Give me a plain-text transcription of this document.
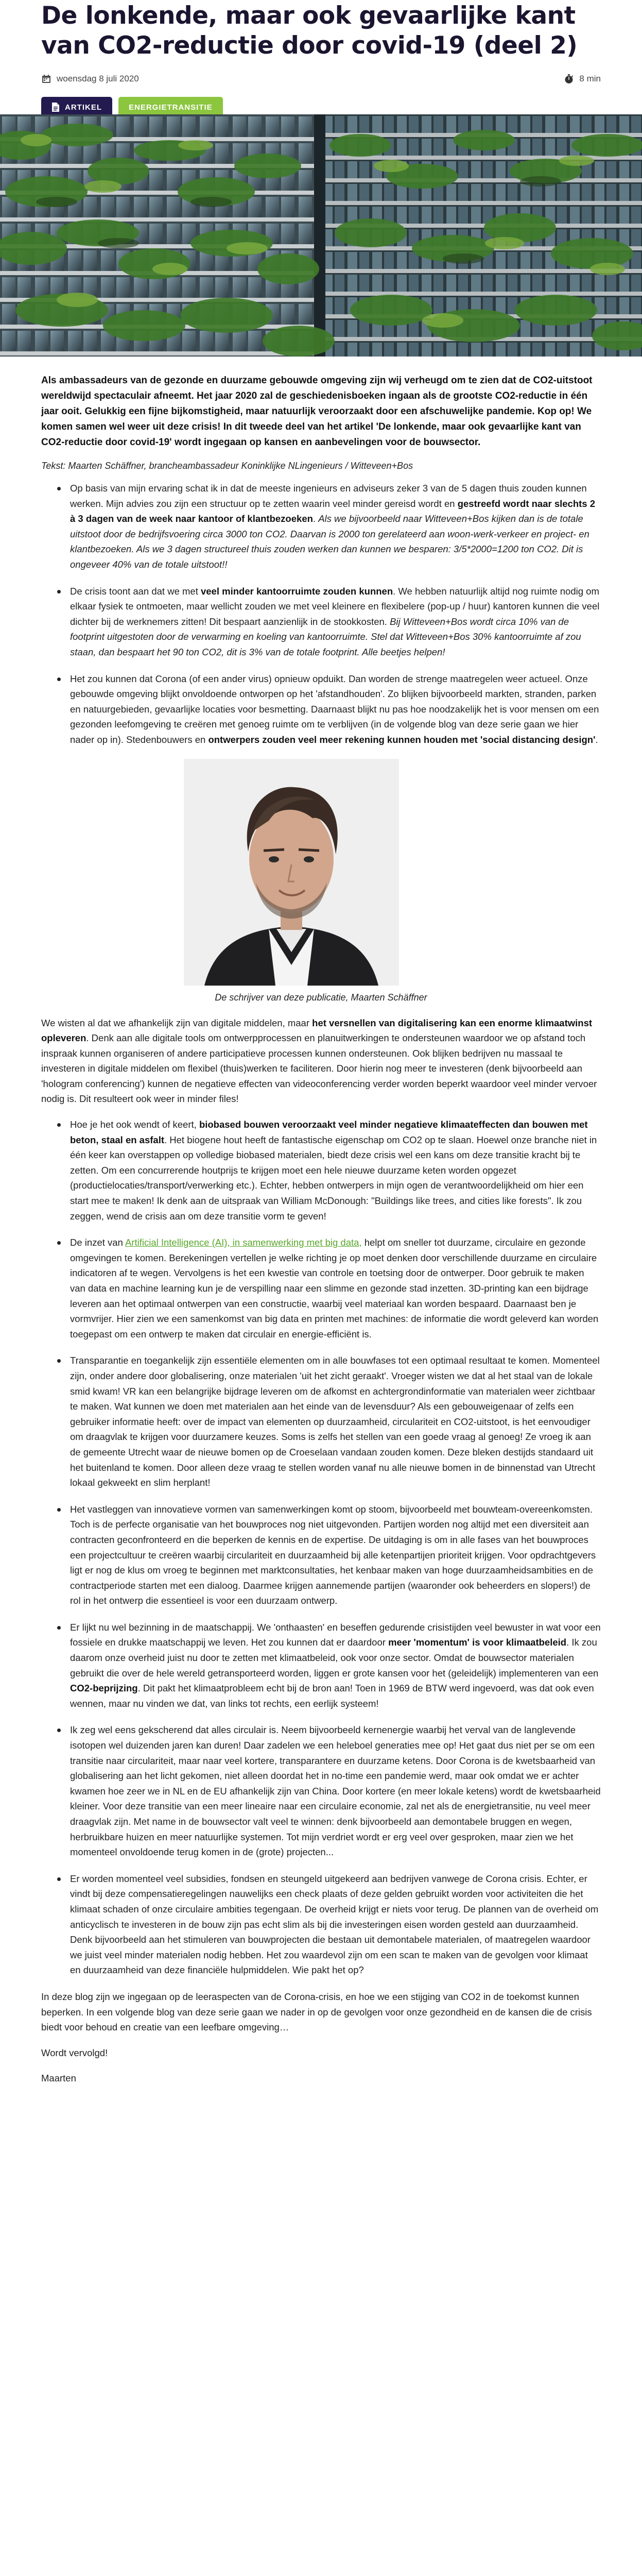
De lonkende, maar ook gevaarlijke kant van CO2-reductie door covid-19 (deel 2)
woensdag 8 juli 2020	8 min
ARTIKEL	ENERGIETRANSITIE

Als ambassadeurs van de gezonde en duurzame gebouwde omgeving zijn wij verheugd om te zien dat de CO2-uitstoot wereldwijd spectaculair afneemt. Het jaar 2020 zal de geschiedenisboeken ingaan als de grootste CO2-reductie in één jaar ooit. Gelukkig een fijne bijkomstigheid, maar natuurlijk veroorzaakt door een afschuwelijke pandemie. Kop op! We komen samen wel weer uit deze crisis! In dit tweede deel van het artikel 'De lonkende, maar ook gevaarlijke kant van CO2-reductie door covid-19' wordt ingegaan op kansen en aanbevelingen voor de bouwsector.

Tekst: Maarten Schäffner, brancheambassadeur Koninklijke NLingenieurs / Witteveen+Bos

Op basis van mijn ervaring schat ik in dat de meeste ingenieurs en adviseurs zeker 3 van de 5 dagen thuis zouden kunnen werken. Mijn advies zou zijn een structuur op te zetten waarin veel minder gereisd wordt en gestreefd wordt naar slechts 2 à 3 dagen van de week naar kantoor of klantbezoeken. Als we bijvoorbeeld naar Witteveen+Bos kijken dan is de totale uitstoot door de bedrijfsvoering circa 3000 ton CO2. Daarvan is 2000 ton gerelateerd aan woon-werk-verkeer en project- en klantbezoeken. Als we 3 dagen structureel thuis zouden werken dan kunnen we besparen: 3/5*2000=1200 ton CO2. Dit is ongeveer 40% van de totale uitstoot!!
De crisis toont aan dat we met veel minder kantoorruimte zouden kunnen. We hebben natuurlijk altijd nog ruimte nodig om elkaar fysiek te ontmoeten, maar wellicht zouden we met veel kleinere en flexibelere (pop-up / huur) kantoren kunnen die veel dichter bij de werknemers zitten! Dit bespaart aanzienlijk in de stookkosten. Bij Witteveen+Bos wordt circa 10% van de footprint uitgestoten door de verwarming en koeling van kantoorruimte. Stel dat Witteveen+Bos 30% kantoorruimte af zou staan, dan bespaart het 90 ton CO2, dit is 3% van de totale footprint. Alle beetjes helpen!
Het zou kunnen dat Corona (of een ander virus) opnieuw opduikt. Dan worden de strenge maatregelen weer actueel. Onze gebouwde omgeving blijkt onvoldoende ontworpen op het 'afstandhouden'. Zo blijken bijvoorbeeld markten, stranden, parken en natuurgebieden, gevaarlijke locaties voor besmetting. Daarnaast blijkt nu pas hoe noodzakelijk het is voor mensen om een gezonden leefomgeving te creëren met genoeg ruimte om te verblijven (in de volgende blog van deze serie gaan we hier nader op in). Stedenbouwers en ontwerpers zouden veel meer rekening kunnen houden met 'social distancing design'.

De schrijver van deze publicatie, Maarten Schäffner

We wisten al dat we afhankelijk zijn van digitale middelen, maar het versnellen van digitalisering kan een enorme klimaatwinst opleveren. Denk aan alle digitale tools om ontwerpprocessen en planuitwerkingen te ondersteunen waardoor we op afstand toch inspraak kunnen organiseren of andere participatieve processen kunnen ondersteunen. Ook blijken bedrijven nu massaal te investeren in digitale middelen om flexibel (thuis)werken te faciliteren. Door hierin nog meer te investeren (denk bijvoorbeeld aan 'hologram conferencing') kunnen de negatieve effecten van videoconferencing verder worden beperkt waardoor veel minder vervoer nodig is. Dit resulteert ook weer in minder files!

Hoe je het ook wendt of keert, biobased bouwen veroorzaakt veel minder negatieve klimaateffecten dan bouwen met beton, staal en asfalt. Het biogene hout heeft de fantastische eigenschap om CO2 op te slaan. Hoewel onze branche niet in één keer kan overstappen op volledige biobased materialen, biedt deze crisis wel een kans om deze transitie kracht bij te zetten. Om een concurrerende houtprijs te krijgen moet een hele nieuwe duurzame keten worden opgezet (productielocaties/transport/verwerking etc.). Echter, hebben ontwerpers in mijn ogen de verantwoordelijkheid om hier een start mee te maken! Ik denk aan de uitspraak van William McDonough: "Buildings like trees, and cities like forests". Ik zou zeggen, wend de crisis aan om deze transitie vorm te geven!
De inzet van Artificial Intelligence (AI), in samenwerking met big data, helpt om sneller tot duurzame, circulaire en gezonde omgevingen te komen. Berekeningen vertellen je welke richting je op moet denken door verschillende duurzame en circulaire indicatoren af te wegen. Vervolgens is het een kwestie van controle en toetsing door de ontwerper. Door gebruik te maken van data en machine learning kun je de verspilling naar een slimme en gezonde stad inzetten. 3D-printing kan een bijdrage leveren aan het optimaal ontwerpen van een constructie, waarbij veel materiaal kan worden bespaard. Daarnaast ben je vormvrijer. Hier zien we een samenkomst van big data en printen met machines: de informatie die wordt geleverd kan worden toegepast om een ontwerp te maken dat circulair en energie-efficiënt is.
Transparantie en toegankelijk zijn essentiële elementen om in alle bouwfases tot een optimaal resultaat te komen. Momenteel zijn, onder andere door globalisering, onze materialen 'uit het zicht geraakt'. Vroeger wisten we dat al het staal van de lokale smid kwam! VR kan een belangrijke bijdrage leveren om de afkomst en achtergrondinformatie van materialen weer zichtbaar te maken. Wat kunnen we doen met materialen aan het einde van de levensduur? Als een gebouweigenaar of zelfs een gebruiker informatie heeft: over de impact van elementen op duurzaamheid, circulariteit en CO2-uitstoot, is het eenvoudiger om draagvlak te krijgen voor duurzamere keuzes. Soms is zelfs het stellen van een goede vraag al genoeg! Ze vroeg ik aan de gemeente Utrecht waar de nieuwe bomen op de Croeselaan vandaan zouden komen. Deze bleken destijds standaard uit het buitenland te komen. Door alleen deze vraag te stellen worden vanaf nu alle nieuwe bomen in de binnenstad van Utrecht lokaal gekweekt en slim herplant!
Het vastleggen van innovatieve vormen van samenwerkingen komt op stoom, bijvoorbeeld met bouwteam-overeenkomsten. Toch is de perfecte organisatie van het bouwproces nog niet uitgevonden. Partijen worden nog altijd met een diversiteit aan contracten geconfronteerd en die beperken de kennis en de expertise. De uitdaging is om in alle fases van het bouwproces een projectcultuur te creëren waarbij circulariteit en duurzaamheid bij alle ketenpartijen prioriteit krijgen. Voor opdrachtgevers ligt er nog de klus om vroeg te beginnen met marktconsultaties, het kenbaar maken van hoge duurzaamheidsambities en de contractperiode starten met een dialoog. Daarmee krijgen aannemende partijen (waaronder ook beheerders en slopers!) de rol in het ontwerp die essentieel is voor een duurzaam ontwerp.
Er lijkt nu wel bezinning in de maatschappij. We 'onthaasten' en beseffen gedurende crisistijden veel bewuster in wat voor een fossiele en drukke maatschappij we leven. Het zou kunnen dat er daardoor meer 'momentum' is voor klimaatbeleid. Ik zou daarom onze overheid juist nu door te zetten met klimaatbeleid, ook voor onze sector. Omdat de bouwsector materialen gebruikt die over de hele wereld getransporteerd worden, liggen er grote kansen voor het (geleidelijk) implementeren van een CO2-beprijzing. Dit pakt het klimaatprobleem echt bij de bron aan! Toen in 1969 de BTW werd ingevoerd, was dat ook even wennen, maar nu vinden we dat, van links tot rechts, een eerlijk systeem!
Ik zeg wel eens gekscherend dat alles circulair is. Neem bijvoorbeeld kernenergie waarbij het verval van de langlevende isotopen wel duizenden jaren kan duren! Daar zadelen we een heleboel generaties mee op! Het gaat dus niet per se om een transitie naar circulariteit, maar naar veel kortere, transparantere en duurzame ketens. Door Corona is de kwetsbaarheid van globalisering aan het licht gekomen, niet alleen doordat het in no-time een pandemie werd, maar ook omdat we er achter kwamen hoe zeer we in NL en de EU afhankelijk zijn van China. Door kortere (en meer lokale ketens) wordt de kwetsbaarheid kleiner. Voor deze transitie van een meer lineaire naar een circulaire economie, zal net als de energietransitie, nu veel meer draagvlak zijn. Met name in de bouwsector valt veel te winnen: denk bijvoorbeeld aan demontabele bruggen en wegen, herbruikbare huizen en meer natuurlijke systemen. Tot mijn verdriet wordt er erg veel over gesproken, maar zien we het momenteel onvoldoende terug komen in de (grote) projecten...
Er worden momenteel veel subsidies, fondsen en steungeld uitgekeerd aan bedrijven vanwege de Corona crisis. Echter, er vindt bij deze compensatieregelingen nauwelijks een check plaats of deze gelden gebruikt worden voor activiteiten die het klimaat schaden of onze circulaire ambities tegengaan. De overheid krijgt er niets voor terug. De plannen van de overheid om anticyclisch te investeren in de bouw zijn pas echt slim als bij die investeringen eisen worden gesteld aan duurzaamheid. Denk bijvoorbeeld aan het stimuleren van bouwprojecten die bestaan uit demontabele materialen, of maatregelen waardoor we juist veel minder materialen nodig hebben. Het zou waardevol zijn om een scan te maken van de gevolgen voor klimaat en duurzaamheid van deze financiële hulpmiddelen. Wie pakt het op?

In deze blog zijn we ingegaan op de leeraspecten van de Corona-crisis, en hoe we een stijging van CO2 in de toekomst kunnen beperken. In een volgende blog van deze serie gaan we nader in op de gevolgen voor onze gezondheid en de kansen die de crisis biedt voor behoud en creatie van een leefbare omgeving…

Wordt vervolgd!

Maarten
